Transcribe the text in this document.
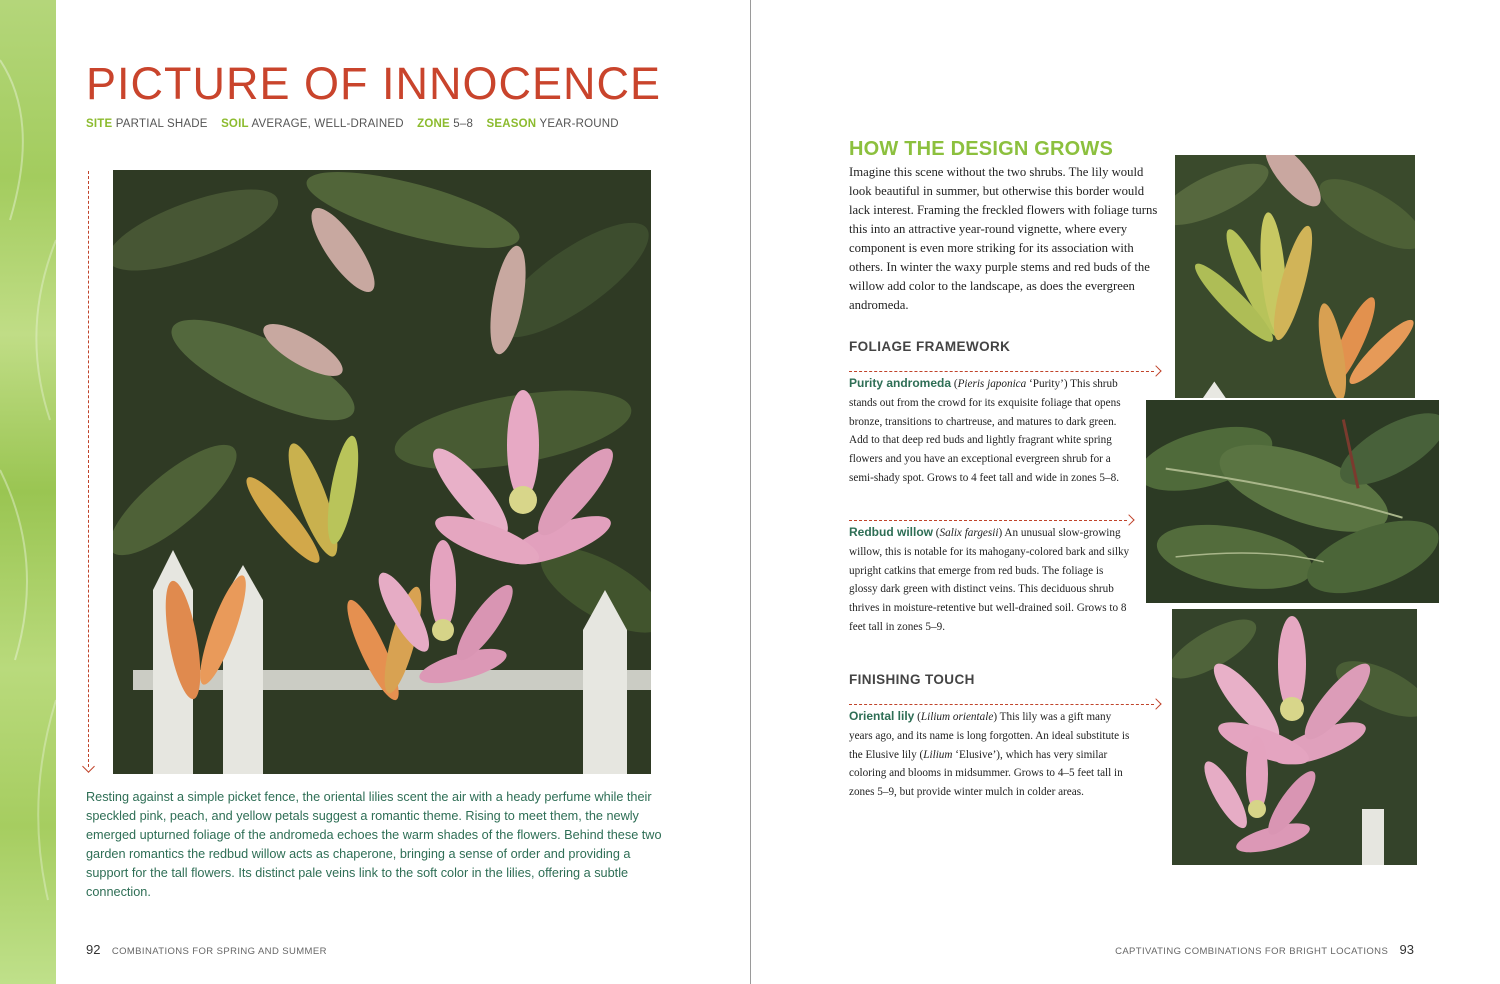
PICTURE OF INNOCENCE
SITE PARTIAL SHADE SOIL AVERAGE, WELL-DRAINED ZONE 5–8 SEASON YEAR-ROUND

Resting against a simple picket fence, the oriental lilies scent the air with a heady perfume while their speckled pink, peach, and yellow petals suggest a romantic theme. Rising to meet them, the newly emerged upturned foliage of the andromeda echoes the warm shades of the flowers. Behind these two garden romantics the redbud willow acts as chaperone, bringing a sense of order and providing a support for the tall flowers. Its distinct pale veins link to the soft color in the lilies, offering a subtle connection.

92 COMBINATIONS FOR SPRING AND SUMMER
HOW THE DESIGN GROWS

Imagine this scene without the two shrubs. The lily would look beautiful in summer, but otherwise this border would lack interest. Framing the freckled flowers with foliage turns this into an attractive year-round vignette, where every component is even more striking for its association with others. In winter the waxy purple stems and red buds of the willow add color to the landscape, as does the evergreen andromeda.

FOLIAGE FRAMEWORK

Purity andromeda (Pieris japonica ‘Purity’) This shrub stands out from the crowd for its exquisite foliage that opens bronze, transitions to chartreuse, and matures to dark green. Add to that deep red buds and lightly fragrant white spring flowers and you have an exceptional evergreen shrub for a semi-shady spot. Grows to 4 feet tall and wide in zones 5–8.

Redbud willow (Salix fargesii) An unusual slow-growing willow, this is notable for its mahogany-colored bark and silky upright catkins that emerge from red buds. The foliage is glossy dark green with distinct veins. This deciduous shrub thrives in moisture-retentive but well-drained soil. Grows to 8 feet tall in zones 5–9.

FINISHING TOUCH

Oriental lily (Lilium orientale) This lily was a gift many years ago, and its name is long forgotten. An ideal substitute is the Elusive lily (Lilium ‘Elusive’), which has very similar coloring and blooms in midsummer. Grows to 4–5 feet tall in zones 5–9, but provide winter mulch in colder areas.

CAPTIVATING COMBINATIONS FOR BRIGHT LOCATIONS 93
